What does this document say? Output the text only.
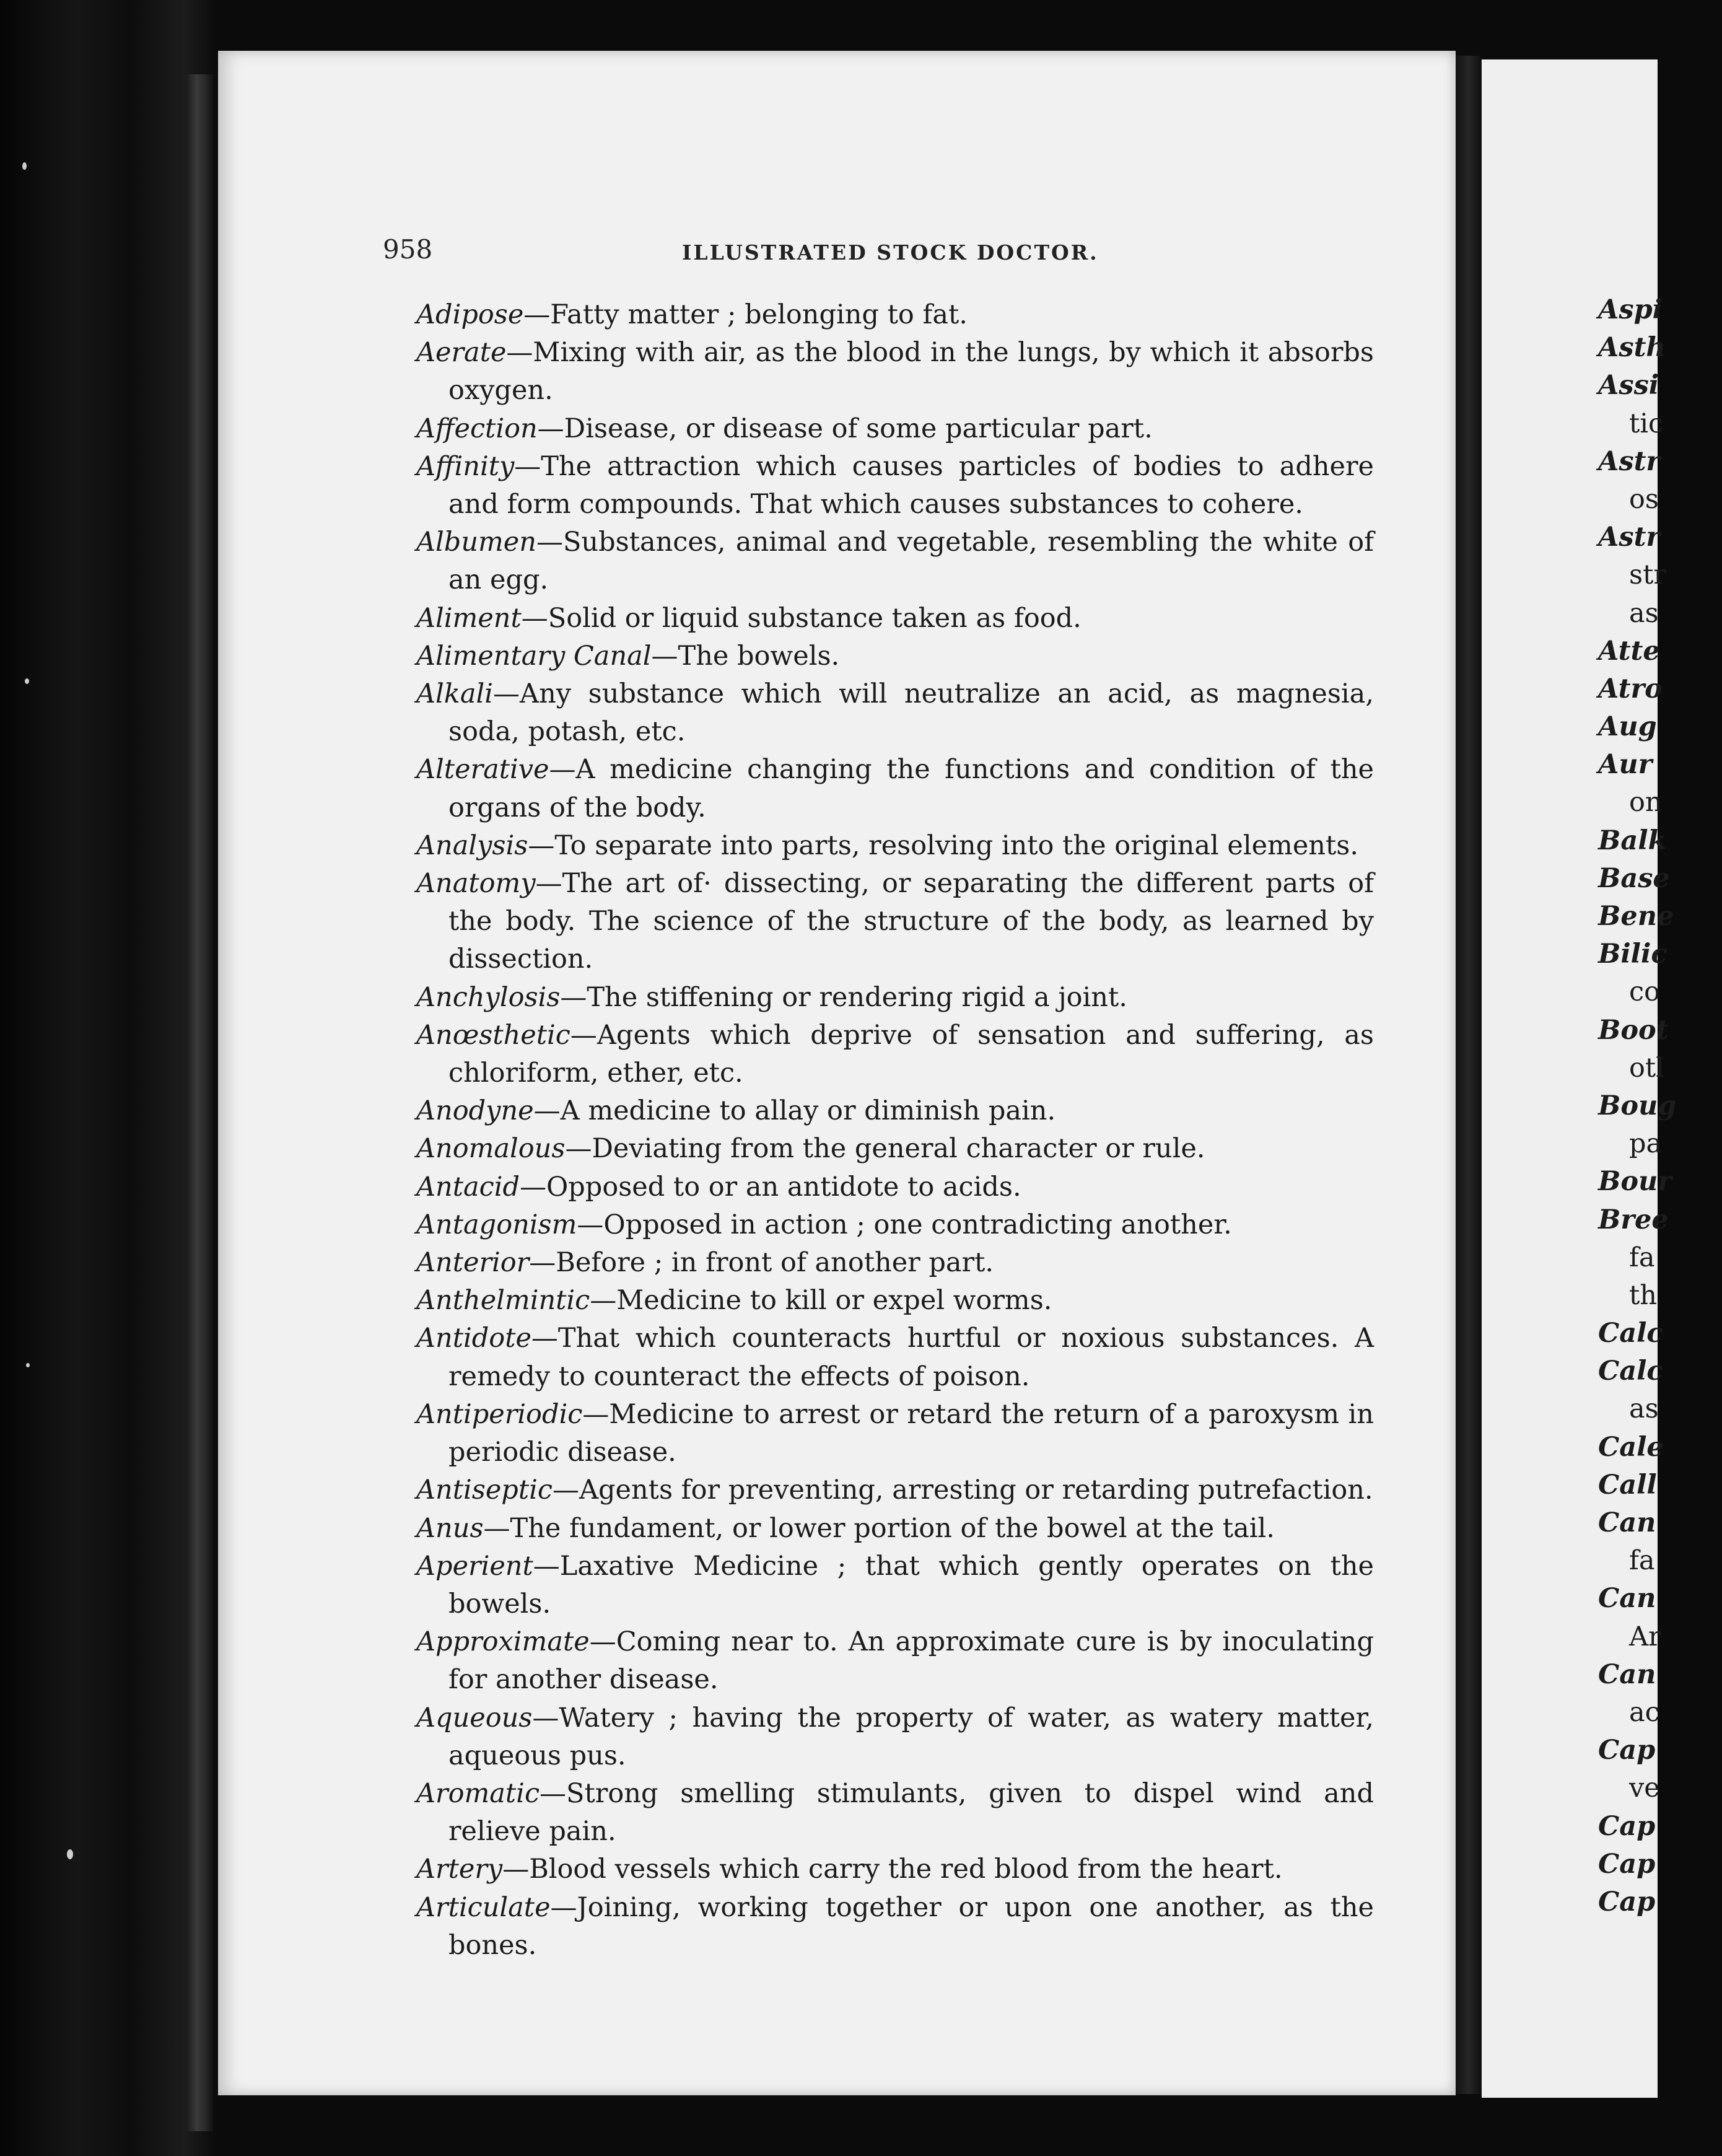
958	ILLUSTRATED STOCK DOCTOR.

Adipose—Fatty matter ; belonging to fat.

Aerate—Mixing with air, as the blood in the lungs, by which it absorbs oxygen.

Affection—Disease, or disease of some particular part.

Affinity—The attraction which causes particles of bodies to adhere and form compounds. That which causes substances to cohere.

Albumen—Substances, animal and vegetable, resembling the white of an egg.

Aliment—Solid or liquid substance taken as food.

Alimentary Canal—The bowels.

Alkali—Any substance which will neutralize an acid, as magnesia, soda, potash, etc.

Alterative—A medicine changing the functions and condition of the organs of the body.

Analysis—To separate into parts, resolving into the original elements.

Anatomy—The art of· dissecting, or separating the different parts of the body. The science of the structure of the body, as learned by dissection.

Anchylosis—The stiffening or rendering rigid a joint.

Anœsthetic—Agents which deprive of sensation and suffering, as chloriform, ether, etc.

Anodyne—A medicine to allay or diminish pain.

Anomalous—Deviating from the general character or rule.

Antacid—Opposed to or an antidote to acids.

Antagonism—Opposed in action ; one contradicting another.

Anterior—Before ; in front of another part.

Anthelmintic—Medicine to kill or expel worms.

Antidote—That which counteracts hurtful or noxious substances. A remedy to counteract the effects of poison.

Antiperiodic—Medicine to arrest or retard the return of a paroxysm in periodic disease.

Antiseptic—Agents for preventing, arresting or retarding putrefaction.

Anus—The fundament, or lower portion of the bowel at the tail.

Aperient—Laxative Medicine ; that which gently operates on the bowels.

Approximate—Coming near to. An approximate cure is by inoculating for another disease.

Aqueous—Watery ; having the property of water, as watery matter, aqueous pus.

Aromatic—Strong smelling stimulants, given to dispel wind and relieve pain.

Artery—Blood vessels which carry the red blood from the heart.

Articulate—Joining, working together or upon one another, as the bones.

Aspi
Asth
Assi
tic
Astr
os
Astr
str
as
Atte
Atro
Aug
Aur
on
Balk
Base
Bene
Bilic
co
Boot
otl
Boug
pa
Bour
Bree
fa
th
Calc
Calc
as
Cale
Call
Can
fa
Can
Ar
Can
ac
Cap
ve
Cap
Cap
Cap
